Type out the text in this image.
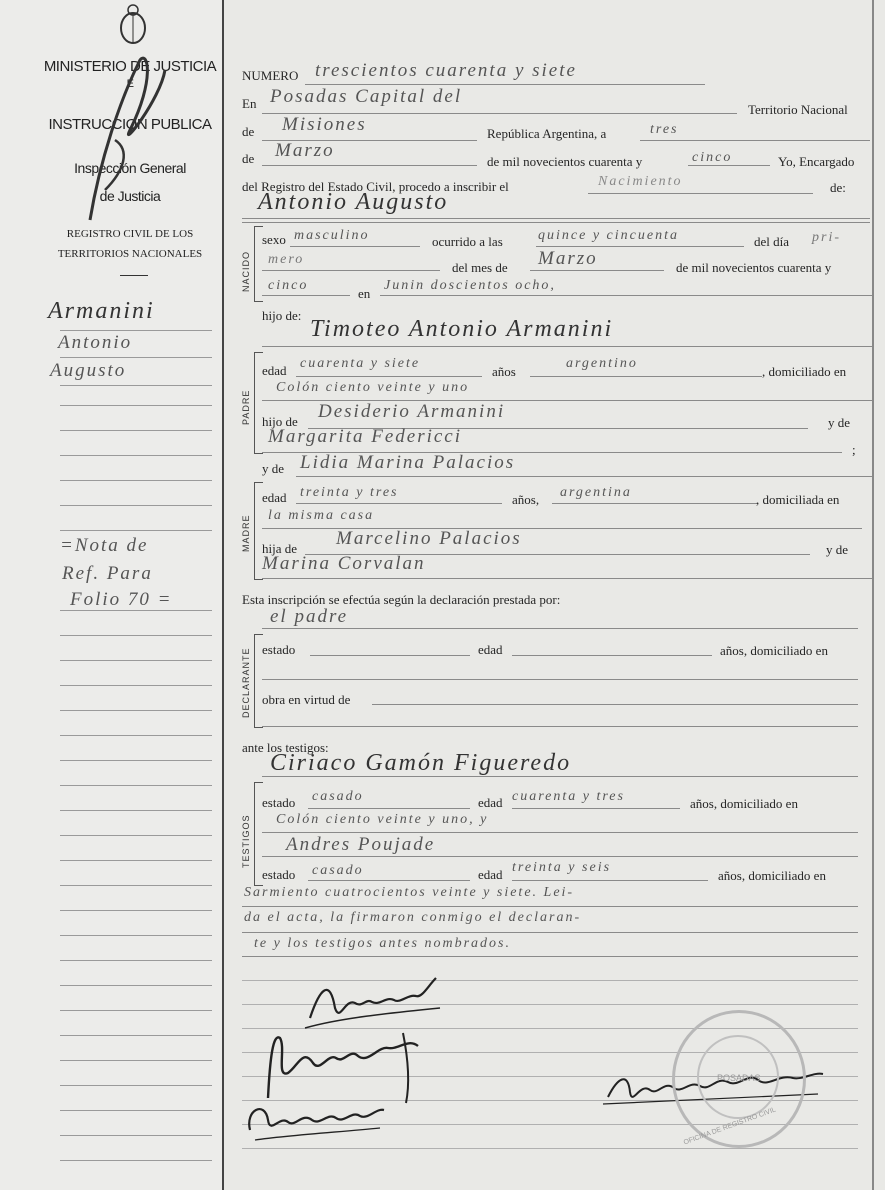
MINISTERIO DE JUSTICIA
E
INSTRUCCION PUBLICA
Inspección General
de Justicia
REGISTRO CIVIL DE LOS
TERRITORIOS NACIONALES
Armanini
Antonio
Augusto
=Nota de
Ref. Para
Folio 70 =
NUMERO trescientos cuarenta y siete
En Posadas Capital del
Territorio Nacional
de Misiones	República Argentina, a	tres
de Marzo
de mil novecientos cuarenta y	cinco	Yo, Encargado
del Registro del Estado Civil, procedo a inscribir el	Nacimiento	de:
Antonio Augusto
NACIDO
sexo masculino	ocurrido a las	quince y cincuenta	del día pri-
mero
del mes de Marzo	de mil novecientos cuarenta y
cinco
en
Junin doscientos ocho,
hijo de:
Timoteo Antonio Armanini
PADRE
edad cuarenta y siete
años
argentino
, domiciliado en
Colón ciento veinte y uno
hijo de Desiderio Armanini
y de
Margarita Federicci
;
y de Lidia Marina Palacios
MADRE
edad treinta y tres	años, argentina	, domiciliada en
la misma casa
hija de Marcelino Palacios
y de
Marina Corvalan
Esta inscripción se efectúa según la declaración prestada por:
el padre
DECLARANTE estado	edad	años, domiciliado en
obra en virtud de
ante los testigos:
Ciriaco Gamón Figueredo
TESTIGOS
estado casado	edad cuarenta y tres	años, domiciliado en
Colón ciento veinte y uno, y
Andres Poujade
estado casado	edad treinta y seis
años, domiciliado en
Sarmiento cuatrocientos veinte y siete. Lei-
da el acta, la firmaron conmigo el declaran-
te y los testigos antes nombrados.
POSADAS
OFICINA DE REGISTRO CIVIL
